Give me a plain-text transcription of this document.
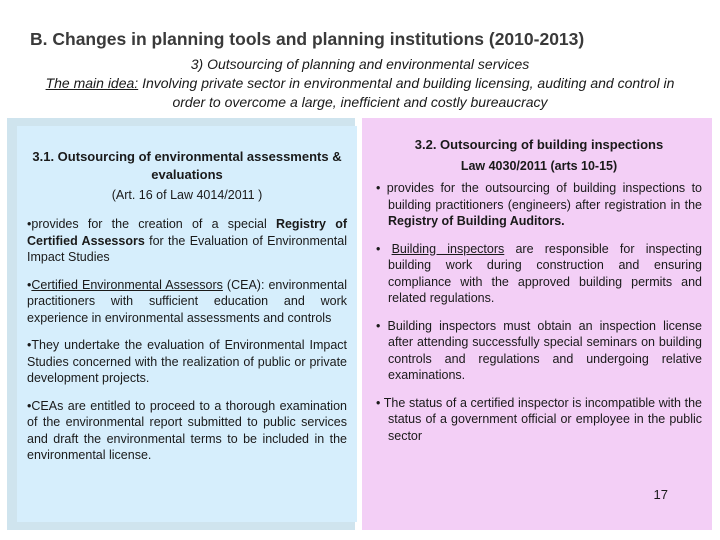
B. Changes in planning tools and planning institutions (2010-2013)
3) Outsourcing of planning and environmental services
The main idea: Involving private sector in environmental and building licensing, auditing and control in order to overcome a large, inefficient and costly bureaucracy

3.1. Outsourcing of environmental assessments & evaluations

(Art. 16 of Law 4014/2011 )

•provides for the creation of a special Registry of Certified Assessors for the Evaluation of Environmental Impact Studies

•Certified Environmental Assessors (CEA): environmental practitioners with sufficient education and work experience in environmental assessments and controls

•They undertake the evaluation of Environmental Impact Studies concerned with the realization of public or private development projects.

•CEAs are entitled to proceed to a thorough examination of the environmental report submitted to public services and draft the environmental terms to be included in the environmental license.

3.2. Outsourcing of building inspections

Law 4030/2011 (arts 10-15)

• provides for the outsourcing of building inspections to building practitioners (engineers) after registration in the Registry of Building Auditors.

• Building inspectors are responsible for inspecting building work during construction and ensuring compliance with the approved building permits and related regulations.

• Building inspectors must obtain an inspection license after attending successfully special seminars on building controls and regulations and undergoing relative examinations.

• The status of a certified inspector is incompatible with the status of a government official or employee in the public sector

17
